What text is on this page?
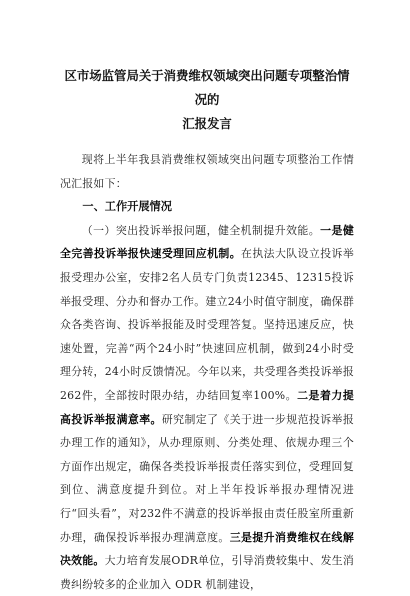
区市场监管局关于消费维权领域突出问题专项整治情况的

汇报发言

现将上半年我县消费维权领域突出问题专项整治工作情况汇报如下：

一、工作开展情况

（一）突出投诉举报问题，健全机制提升效能。一是健全完善投诉举报快速受理回应机制。在执法大队设立投诉举报受理办公室，安排2名人员专门负责12345、12315投诉举报受理、分办和督办工作。建立24小时值守制度，确保群众各类咨询、投诉举报能及时受理答复。坚持迅速反应，快速处置，完善“两个24小时”快速回应机制，做到24小时受理分转，24小时反馈情况。今年以来，共受理各类投诉举报262件，全部按时限办结，办结回复率100%。二是着力提高投诉举报满意率。研究制定了《关于进一步规范投诉举报办理工作的通知》，从办理原则、分类处理、依规办理三个方面作出规定，确保各类投诉举报责任落实到位，受理回复到位、满意度提升到位。对上半年投诉举报办理情况进行“回头看”，对232件不满意的投诉举报由责任股室所重新办理，确保投诉举报办理满意度。三是提升消费维权在线解决效能。大力培育发展ODR单位，引导消费较集中、发生消费纠纷较多的企业加入 ODR 机制建设，
